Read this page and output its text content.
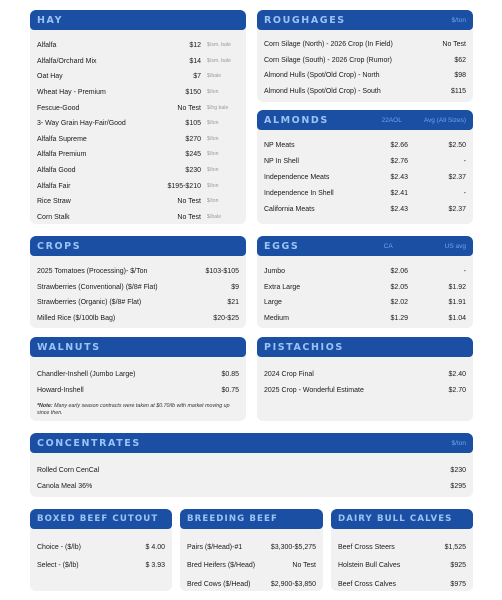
HAY
Alfalfa	$12	$/sm. bale
Alfalfa/Orchard Mix	$14	$/sm. bale
Oat Hay	$7	$/bale
Wheat Hay - Premium	$150	$/ton
Fescue-Good	No Test	$/lrg bale
3- Way Grain Hay-Fair/Good	$105	$/ton
Alfalfa Supreme	$270	$/ton
Alfalfa Premium	$245	$/ton
Alfalfa Good	$230	$/ton
Alfalfa Fair	$195-$210	$/ton
Rice Straw	No Test	$/ton
Corn Stalk	No Test	$/bale
ROUGHAGES	$/ton
Corn Silage (North) - 2026 Crop (In Field)	No Test
Corn Silage (South) - 2026 Crop (Rumor)	$62
Almond Hulls (Spot/Old Crop) - North	$98
Almond Hulls (Spot/Old Crop) - South	$115
ALMONDS	22AOL	Avg (All Sizes)
NP Meats	$2.66	$2.50
NP In Shell	$2.76	-
Independence Meats	$2.43	$2.37
Independence In Shell	$2.41	-
California Meats	$2.43	$2.37
CROPS
2025 Tomatoes (Processing)- $/Ton	$103-$105
Strawberries (Conventional) ($/8# Flat)	$9
Strawberries (Organic) ($/8# Flat)	$21
Milled Rice ($/100lb Bag)	$20-$25
EGGS	CA	US avg
Jumbo	$2.06	-
Extra Large	$2.05	$1.92
Large	$2.02	$1.91
Medium	$1.29	$1.04
WALNUTS
Chandler-Inshell (Jumbo Large)	$0.85
Howard-Inshell	$0.75
*Note: Many early season contracts were taken at $0.70/lb with market moving up since then.
PISTACHIOS
2024 Crop Final	$2.40
2025 Crop - Wonderful Estimate	$2.70
CONCENTRATES	$/ton
Rolled Corn CenCal	$230
Canola Meal 36%	$295
BOXED BEEF CUTOUT
Choice - ($/lb)	$ 4.00
Select - ($/lb)	$ 3.93
BREEDING BEEF
Pairs ($/Head)-#1	$3,300-$5,275
Bred Heifers ($/Head)	No Test
Bred Cows ($/Head)	$2,900-$3,850
DAIRY BULL CALVES
Beef Cross Steers	$1,525
Holstein Bull Calves	$925
Beef Cross Calves	$975
